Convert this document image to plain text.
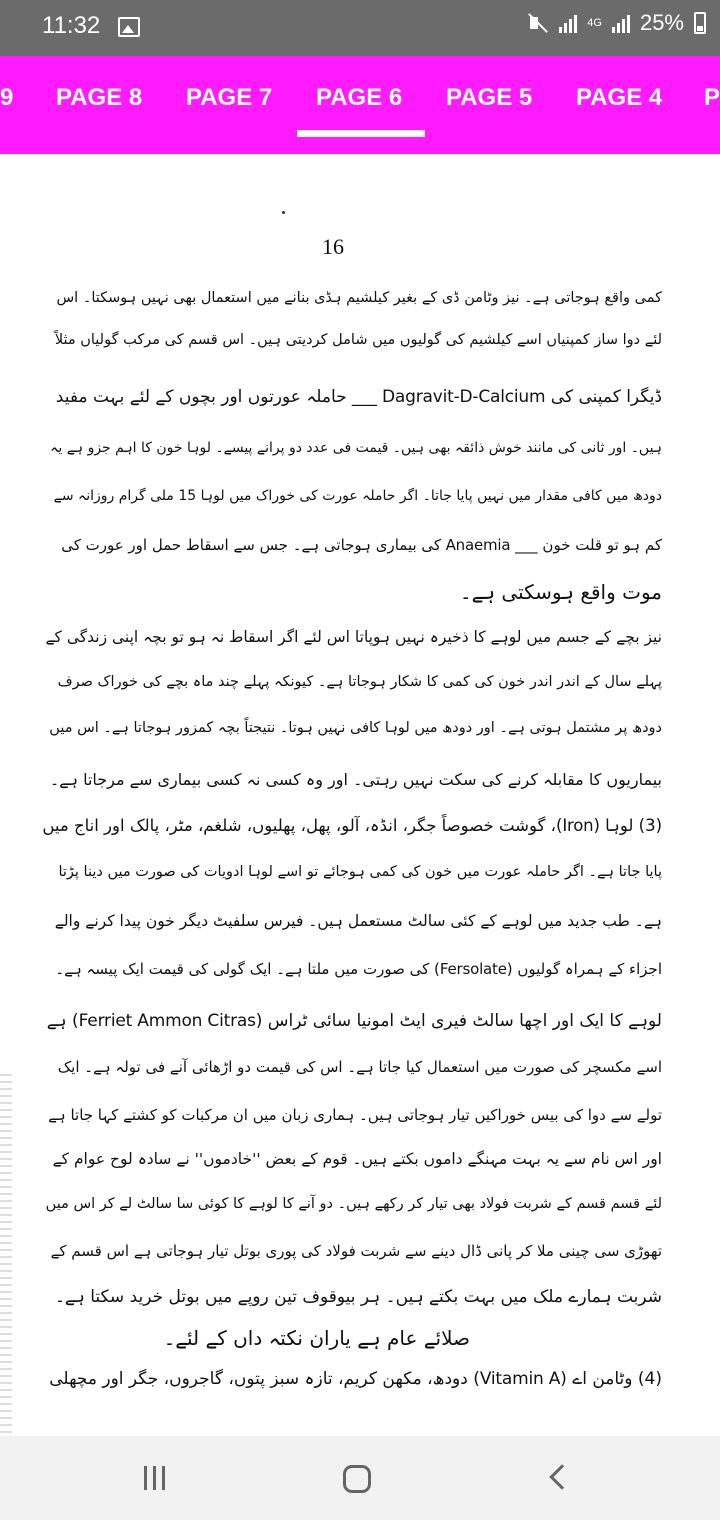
11:32	4G 25%
9 PAGE 8 PAGE 7 PAGE 6 PAGE 5 PAGE 4 P
16
کمی واقع ہوجاتی ہے۔ نیز وٹامن ڈی کے بغیر کیلشیم ہڈی بنانے میں استعمال بھی نہیں ہوسکتا۔ اس
لئے دوا ساز کمپنیاں اسے کیلشیم کی گولیوں میں شامل کردیتی ہیں۔ اس قسم کی مرکب گولیاں مثلاً
ڈیگرا کمپنی کی Dagravit-D-Calcium ___ حاملہ عورتوں اور بچوں کے لئے بہت مفید
ہیں۔ اور ثانی کی مانند خوش ذائقہ بھی ہیں۔ قیمت فی عدد دو پرانے پیسے۔ لوہا خون کا اہم جزو ہے یہ
دودھ میں کافی مقدار میں نہیں پایا جاتا۔ اگر حاملہ عورت کی خوراک میں لوہا 15 ملی گرام روزانہ سے
کم ہو تو قلت خون ___ Anaemia کی بیماری ہوجاتی ہے۔ جس سے اسقاط حمل اور عورت کی
موت واقع ہوسکتی ہے۔
نیز بچے کے جسم میں لوہے کا ذخیرہ نہیں ہوپاتا اس لئے اگر اسقاط نہ ہو تو بچہ اپنی زندگی کے
پہلے سال کے اندر اندر خون کی کمی کا شکار ہوجاتا ہے۔ کیونکہ پہلے چند ماہ بچے کی خوراک صرف
دودھ پر مشتمل ہوتی ہے۔ اور دودھ میں لوہا کافی نہیں ہوتا۔ نتیجتاً بچہ کمزور ہوجاتا ہے۔ اس میں
بیماریوں کا مقابلہ کرنے کی سکت نہیں رہتی۔ اور وہ کسی نہ کسی بیماری سے مرجاتا ہے۔
(3) لوہا (Iron)، گوشت خصوصاً جگر، انڈہ، آلو، پھل، پھلیوں، شلغم، مٹر، پالک اور اناج میں
پایا جاتا ہے۔ اگر حاملہ عورت میں خون کی کمی ہوجائے تو اسے لوہا ادویات کی صورت میں دینا پڑتا
ہے۔ طب جدید میں لوہے کے کئی سالٹ مستعمل ہیں۔ فیرس سلفیٹ دیگر خون پیدا کرنے والے
اجزاء کے ہمراہ گولیوں (Fersolate) کی صورت میں ملتا ہے۔ ایک گولی کی قیمت ایک پیسہ ہے۔
لوہے کا ایک اور اچھا سالٹ فیری ایٹ امونیا سائی ٹراس (Ferriet Ammon Citras) ہے
اسے مکسچر کی صورت میں استعمال کیا جاتا ہے۔ اس کی قیمت دو اڑھائی آنے فی تولہ ہے۔ ایک
تولے سے دوا کی بیس خوراکیں تیار ہوجاتی ہیں۔ ہماری زبان میں ان مرکبات کو کشتے کہا جاتا ہے
اور اس نام سے یہ بہت مہنگے داموں بکتے ہیں۔ قوم کے بعض ''خادموں'' نے سادہ لوح عوام کے
لئے قسم قسم کے شربت فولاد بھی تیار کر رکھے ہیں۔ دو آنے کا لوہے کا کوئی سا سالٹ لے کر اس میں
تھوڑی سی چینی ملا کر پانی ڈال دینے سے شربت فولاد کی پوری بوتل تیار ہوجاتی ہے اس قسم کے
شربت ہمارے ملک میں بہت بکتے ہیں۔ ہر بیوقوف تین روپے میں بوتل خرید سکتا ہے۔
صلائے عام ہے یاران نکتہ داں کے لئے۔
(4) وٹامن اے (Vitamin A) دودھ، مکھن کریم، تازہ سبز پتوں، گاجروں، جگر اور مچھلی
